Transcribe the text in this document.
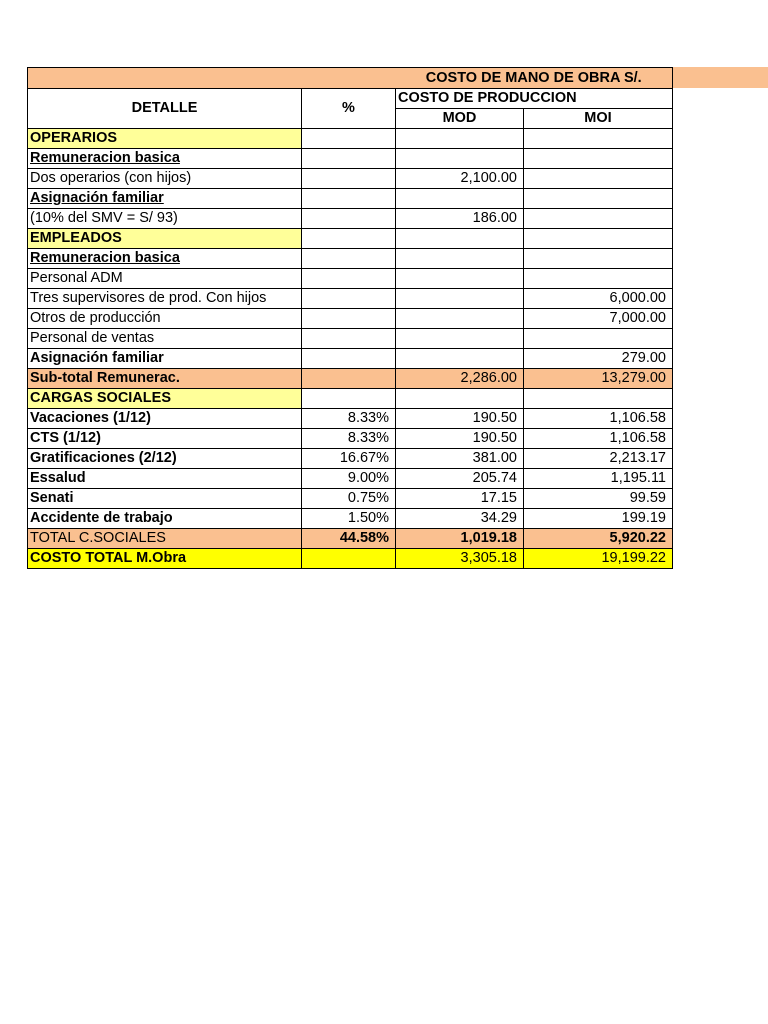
		COSTO DE MANO DE OBRA S/.	
DETALLE	%	COSTO DE PRODUCCION	
		MOD	MOI
OPERARIOS			
Remuneracion basica			
Dos operarios (con hijos)		2,100.00	
Asignación familiar			
(10% del SMV = S/ 93)		186.00	
EMPLEADOS			
Remuneracion basica			
Personal ADM			
Tres supervisores de prod. Con hijos			6,000.00
Otros de producción			7,000.00
Personal de ventas			
Asignación familiar			279.00
Sub-total Remunerac.		2,286.00	13,279.00
CARGAS SOCIALES			
Vacaciones (1/12)	8.33%	190.50	1,106.58
CTS (1/12)	8.33%	190.50	1,106.58
Gratificaciones (2/12)	16.67%	381.00	2,213.17
Essalud	9.00%	205.74	1,195.11
Senati	0.75%	17.15	99.59
Accidente de trabajo	1.50%	34.29	199.19
TOTAL C.SOCIALES	44.58%	1,019.18	5,920.22
COSTO TOTAL M.Obra		3,305.18	19,199.22
